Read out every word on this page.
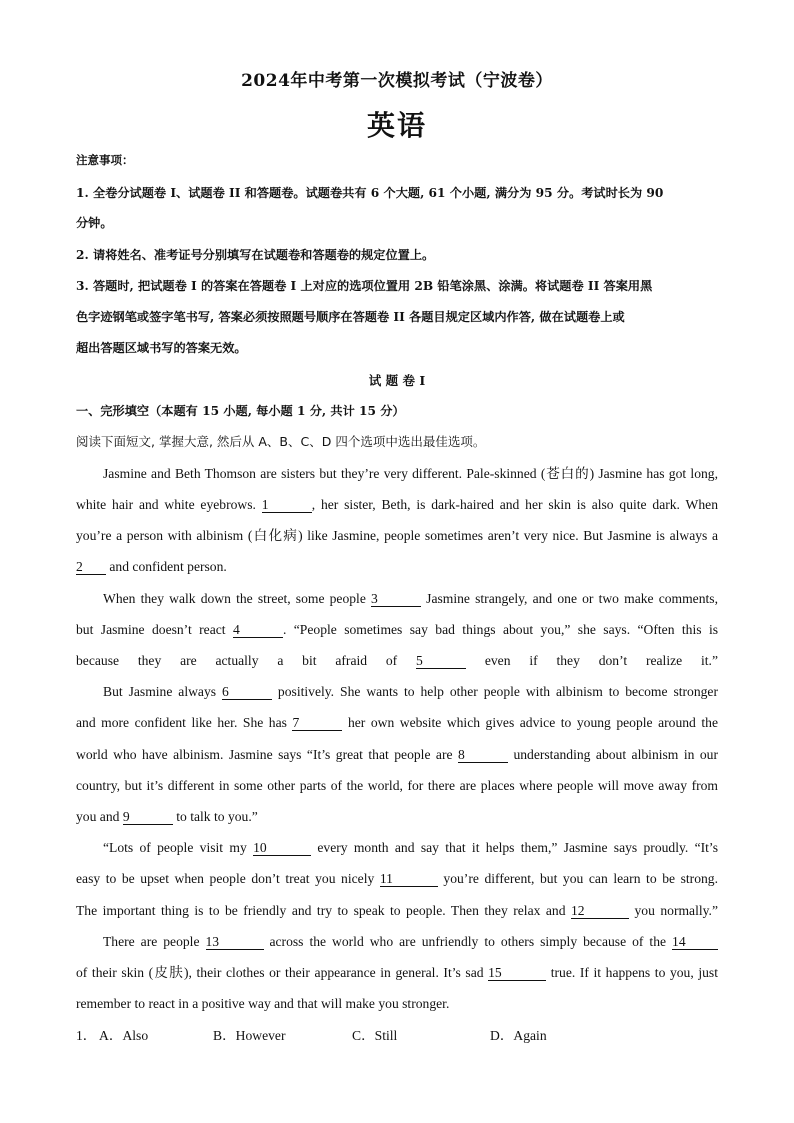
2024年中考第一次模拟考试（宁波卷）
英语
注意事项：
1. 全卷分试题卷 I、试题卷 II 和答题卷。试题卷共有 6 个大题, 61 个小题, 满分为 95 分。考试时长为 90
分钟。
2. 请将姓名、准考证号分别填写在试题卷和答题卷的规定位置上。
3. 答题时, 把试题卷 I 的答案在答题卷 I 上对应的选项位置用 2B 铅笔涂黑、涂满。将试题卷 II 答案用黑
色字迹钢笔或签字笔书写, 答案必须按照题号顺序在答题卷 II 各题目规定区域内作答, 做在试题卷上或
超出答题区域书写的答案无效。
试 题 卷 I
一、完形填空（本题有 15 小题, 每小题 1 分, 共计 15 分）
阅读下面短文, 掌握大意, 然后从 A、B、C、D 四个选项中选出最佳选项。
Jasmine and Beth Thomson are sisters but they’re very different. Pale-skinned (苍白的) Jasmine has got long,
white hair and white eyebrows. 1	, her sister, Beth, is dark-haired and her skin is also quite dark. When
you’re a person with albinism (白化病) like Jasmine, people sometimes aren’t very nice. But Jasmine is always a
2 and confident person.
When they walk down the street, some people 3	Jasmine strangely, and one or two make comments,
but Jasmine doesn’t react 4	. “People sometimes say bad things about you,” she says. “Often this is
because they are actually a bit afraid of 5	even if they don’t realize it.”
But Jasmine always 6	positively. She wants to help other people with albinism to become stronger
and more confident like her. She has 7	her own website which gives advice to young people around the
world who have albinism. Jasmine says “It’s great that people are 8	understanding about albinism in our
country, but it’s different in some other parts of the world, for there are places where people will move away from
you and 9	to talk to you.”
“Lots of people visit my 10	every month and say that it helps them,” Jasmine says proudly. “It’s
easy to be upset when people don’t treat you nicely 11	you’re different, but you can learn to be strong.
The important thing is to be friendly and try to speak to people. Then they relax and 12	you normally.”
There are people 13	across the world who are unfriendly to others simply because of the 14
of their skin (皮肤), their clothes or their appearance in general. It’s sad 15	true. If it happens to you, just
remember to react in a positive way and that will make you stronger.
1． A．Also	B．However	C．Still	D．Again
